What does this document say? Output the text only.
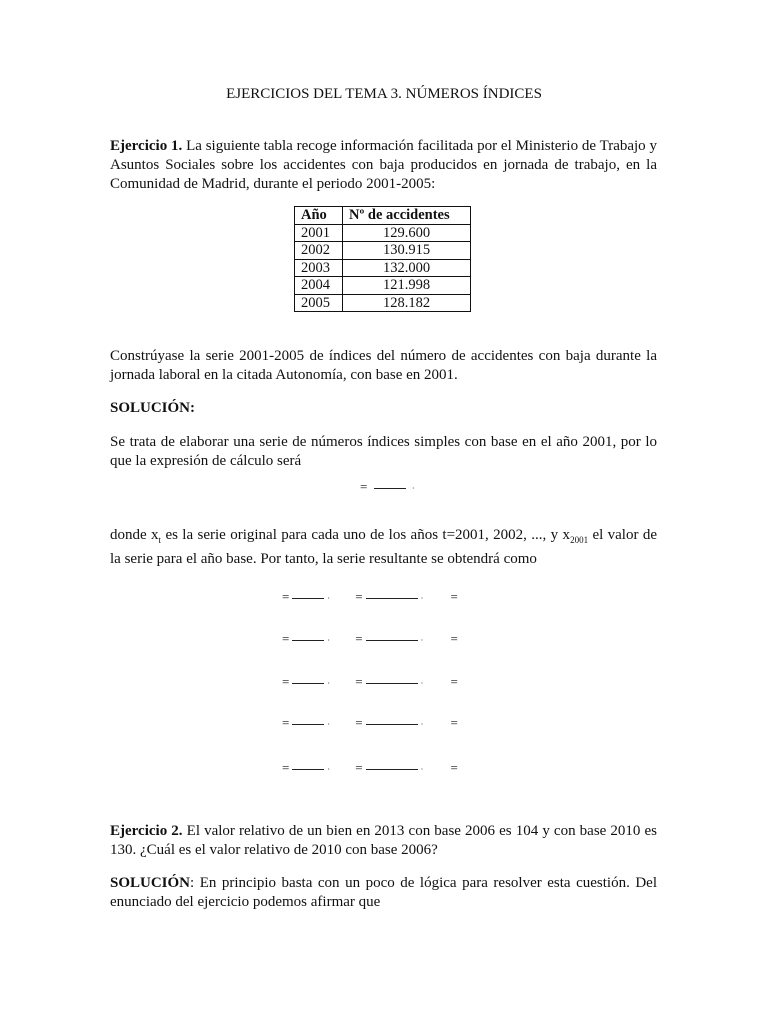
EJERCICIOS DEL TEMA 3. NÚMEROS ÍNDICES

Ejercicio 1. La siguiente tabla recoge información facilitada por el Ministerio de Trabajo y Asuntos Sociales sobre los accidentes con baja producidos en jornada de trabajo, en la Comunidad de Madrid, durante el periodo 2001-2005:

Año	Nº de accidentes
2001	129.600
2002	130.915
2003	132.000
2004	121.998
2005	128.182

Constrúyase la serie 2001-2005 de índices del número de accidentes con baja durante la jornada laboral en la citada Autonomía, con base en 2001.

SOLUCIÓN:

Se trata de elaborar una serie de números índices simples con base en el año 2001, por lo que la expresión de cálculo será

=	·

donde $x_t$ es la serie original para cada uno de los años t=2001, 2002, ..., y $x_{2001}$ el valor de la serie para el año base. Por tanto, la serie resultante se obtendrá como

=	· =	· =
=	· =	· =
=	· =	· =
=	· =	· =
=	· =	· =

Ejercicio 2. El valor relativo de un bien en 2013 con base 2006 es 104 y con base 2010 es 130. ¿Cuál es el valor relativo de 2010 con base 2006?

SOLUCIÓN: En principio basta con un poco de lógica para resolver esta cuestión. Del enunciado del ejercicio podemos afirmar que
